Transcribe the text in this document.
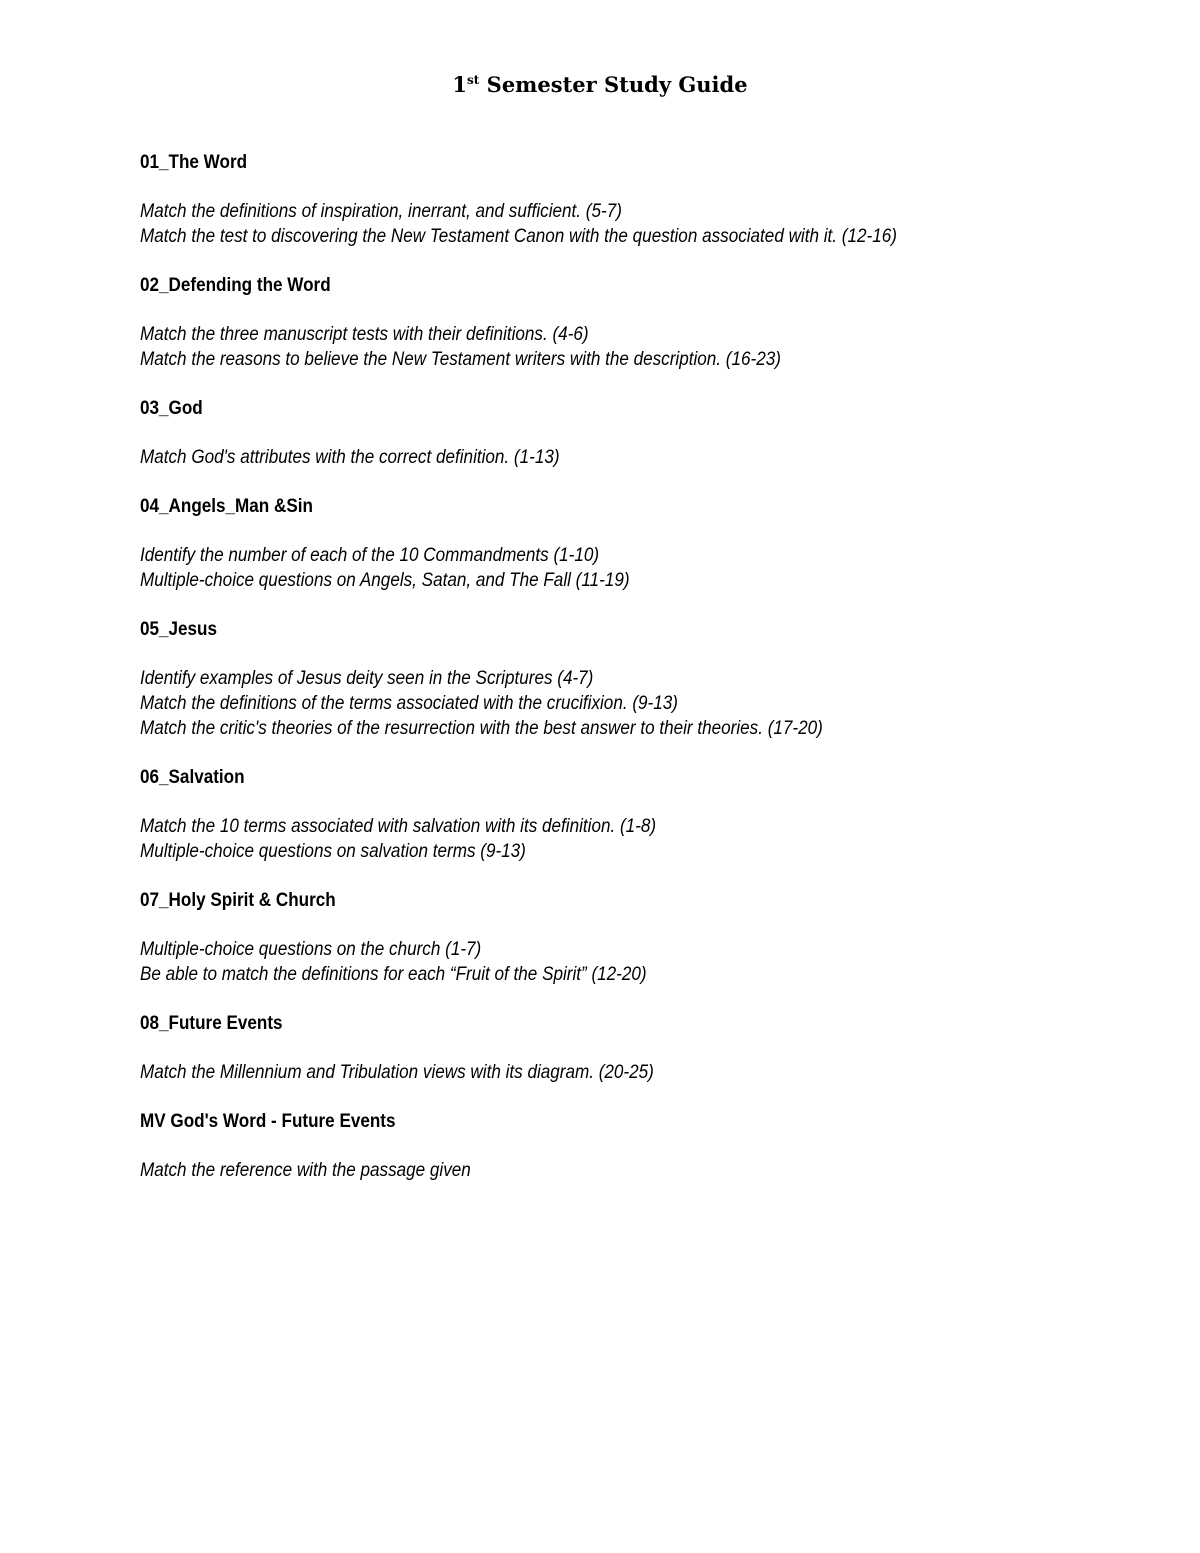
1st Semester Study Guide
01_The Word
Match the definitions of inspiration, inerrant, and sufficient. (5-7)
Match the test to discovering the New Testament Canon with the question associated with it. (12-16)
02_Defending the Word
Match the three manuscript tests with their definitions. (4-6)
Match the reasons to believe the New Testament writers with the description. (16-23)
03_God
Match God's attributes with the correct definition. (1-13)
04_Angels_Man &Sin
Identify the number of each of the 10 Commandments (1-10)
Multiple-choice questions on Angels, Satan, and The Fall (11-19)
05_Jesus
Identify examples of Jesus deity seen in the Scriptures (4-7)
Match the definitions of the terms associated with the crucifixion. (9-13)
Match the critic's theories of the resurrection with the best answer to their theories. (17-20)
06_Salvation
Match the 10 terms associated with salvation with its definition. (1-8)
Multiple-choice questions on salvation terms (9-13)
07_Holy Spirit & Church
Multiple-choice questions on the church (1-7)
Be able to match the definitions for each “Fruit of the Spirit” (12-20)
08_Future Events
Match the Millennium and Tribulation views with its diagram. (20-25)
MV God's Word - Future Events
Match the reference with the passage given
